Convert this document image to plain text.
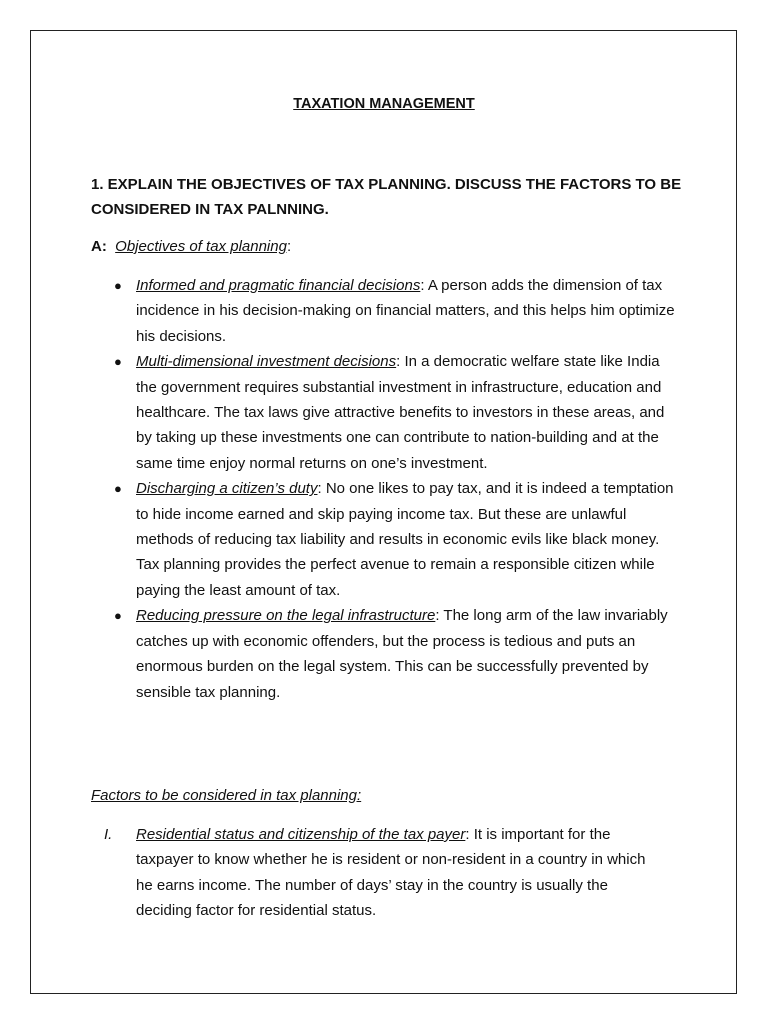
TAXATION MANAGEMENT
1. EXPLAIN THE OBJECTIVES OF TAX PLANNING. DISCUSS THE FACTORS TO BE CONSIDERED IN TAX PALNNING.
A: Objectives of tax planning:
● Informed and pragmatic financial decisions: A person adds the dimension of tax incidence in his decision-making on financial matters, and this helps him optimize his decisions.
● Multi-dimensional investment decisions: In a democratic welfare state like India the government requires substantial investment in infrastructure, education and healthcare. The tax laws give attractive benefits to investors in these areas, and by taking up these investments one can contribute to nation-building and at the same time enjoy normal returns on one’s investment.
● Discharging a citizen’s duty: No one likes to pay tax, and it is indeed a temptation to hide income earned and skip paying income tax. But these are unlawful methods of reducing tax liability and results in economic evils like black money. Tax planning provides the perfect avenue to remain a responsible citizen while paying the least amount of tax.
● Reducing pressure on the legal infrastructure: The long arm of the law invariably catches up with economic offenders, but the process is tedious and puts an enormous burden on the legal system. This can be successfully prevented by sensible tax planning.
Factors to be considered in tax planning:
I. Residential status and citizenship of the tax payer: It is important for the taxpayer to know whether he is resident or non-resident in a country in which he earns income. The number of days’ stay in the country is usually the deciding factor for residential status.
